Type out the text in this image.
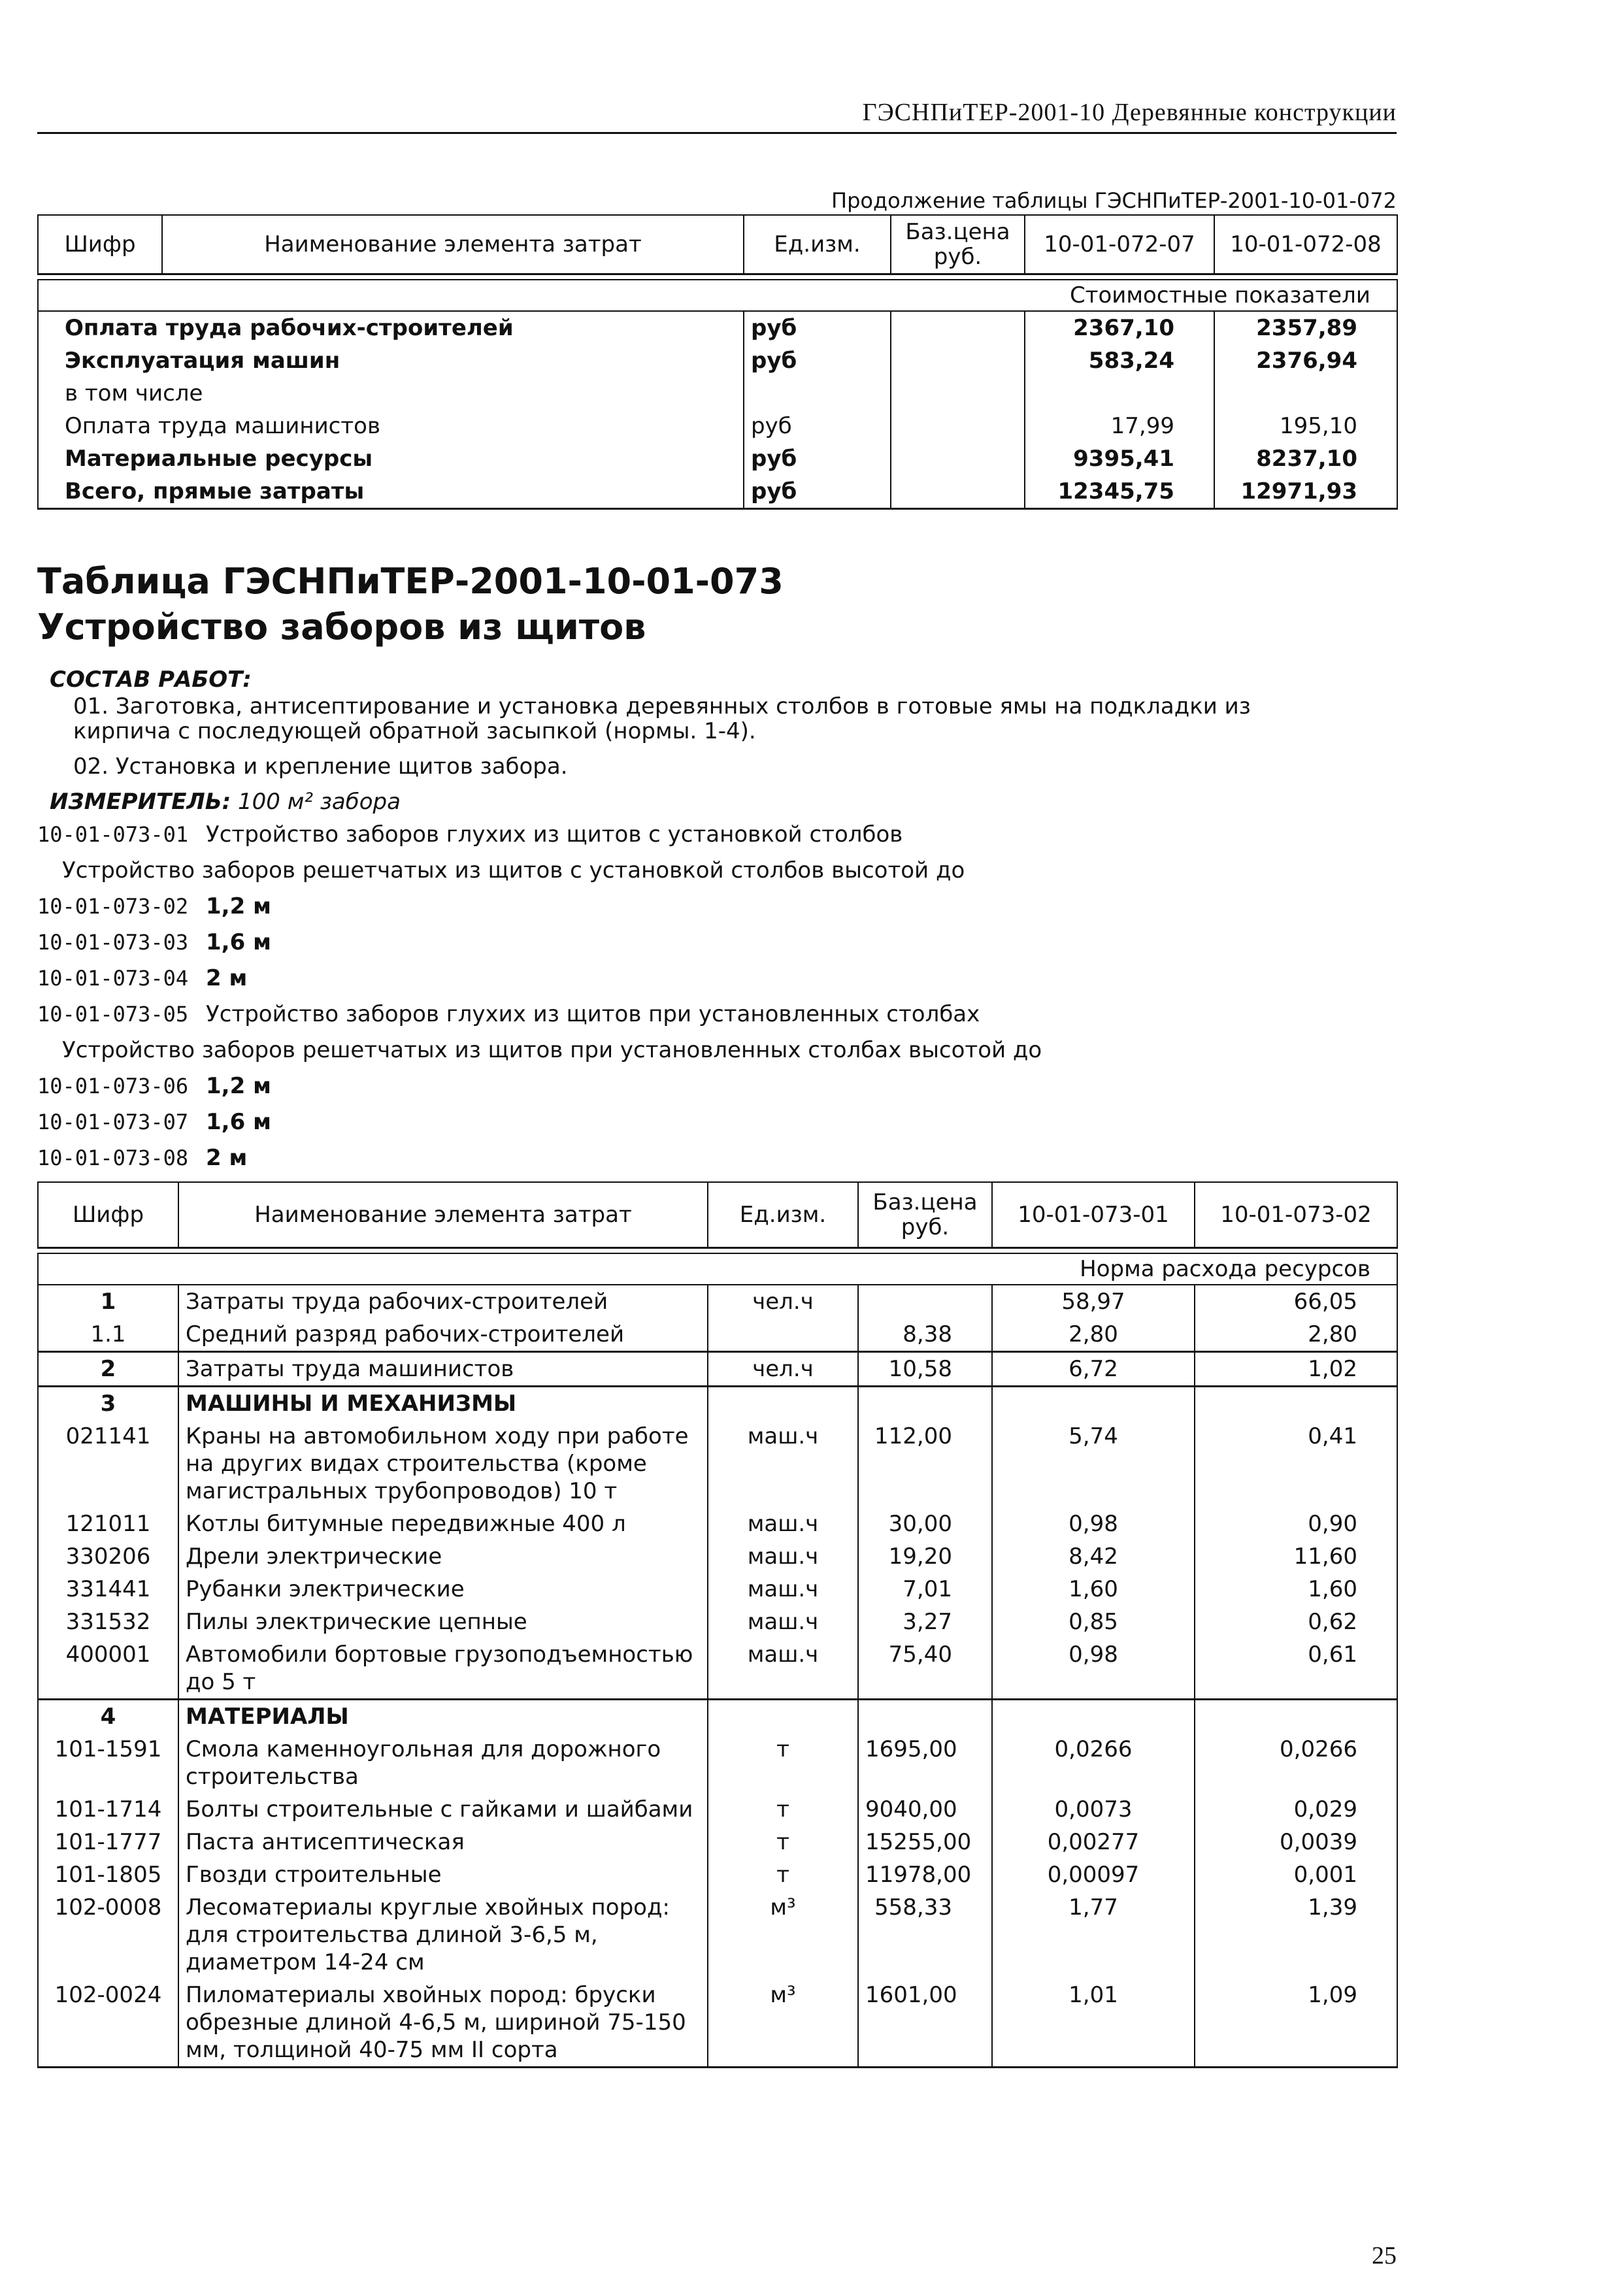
ГЭСНПиТЕР-2001-10 Деревянные конструкции
Продолжение таблицы ГЭСНПиТЕР-2001-10-01-072
Шифр	Наименование элемента затрат	Ед.изм.	Баз.цена руб.	10-01-072-07	10-01-072-08

Стоимостные показатели					
Оплата труда рабочих-строителей		руб		2367,10	2357,89
Эксплуатация машин		руб		583,24	2376,94
в том числе					
Оплата труда машинистов		руб		17,99	195,10
Материальные ресурсы		руб		9395,41	8237,10
Всего, прямые затраты		руб		12345,75	12971,93
Таблица ГЭСНПиТЕР-2001-10-01-073
Устройство заборов из щитов
СОСТАВ РАБОТ:
01. Заготовка, антисептирование и установка деревянных столбов в готовые ямы на подкладки из кирпича с последующей обратной засыпкой (нормы. 1-4).
02. Установка и крепление щитов забора.
ИЗМЕРИТЕЛЬ: 100 м² забора
10-01-073-01 Устройство заборов глухих из щитов с установкой столбов
Устройство заборов решетчатых из щитов с установкой столбов высотой до
10-01-073-02 1,2 м
10-01-073-03 1,6 м
10-01-073-04 2 м
10-01-073-05 Устройство заборов глухих из щитов при установленных столбах
Устройство заборов решетчатых из щитов при установленных столбах высотой до
10-01-073-06 1,2 м
10-01-073-07 1,6 м
10-01-073-08 2 м
Шифр	Наименование элемента затрат	Ед.изм.	Баз.цена руб.	10-01-073-01	10-01-073-02

Норма расхода ресурсов					
1	Затраты труда рабочих-строителей	чел.ч		58,97	66,05
1.1	Средний разряд рабочих-строителей		8,38	2,80	2,80
2	Затраты труда машинистов	чел.ч	10,58	6,72	1,02
3	МАШИНЫ И МЕХАНИЗМЫ				
021141	Краны на автомобильном ходу при работе на других видах строительства (кроме магистральных трубопроводов) 10 т	маш.ч	112,00	5,74	0,41
121011	Котлы битумные передвижные 400 л	маш.ч	30,00	0,98	0,90
330206	Дрели электрические	маш.ч	19,20	8,42	11,60
331441	Рубанки электрические	маш.ч	7,01	1,60	1,60
331532	Пилы электрические цепные	маш.ч	3,27	0,85	0,62
400001	Автомобили бортовые грузоподъемностью до 5 т	маш.ч	75,40	0,98	0,61
4	МАТЕРИАЛЫ				
101-1591	Смола каменноугольная для дорожного строительства	т	1695,00	0,0266	0,0266
101-1714	Болты строительные с гайками и шайбами	т	9040,00	0,0073	0,029
101-1777	Паста антисептическая	т	15255,00	0,00277	0,0039
101-1805	Гвозди строительные	т	11978,00	0,00097	0,001
102-0008	Лесоматериалы круглые хвойных пород: для строительства длиной 3-6,5 м, диаметром 14-24 см	м³	558,33	1,77	1,39
102-0024	Пиломатериалы хвойных пород: бруски обрезные длиной 4-6,5 м, шириной 75-150 мм, толщиной 40-75 мм II сорта	м³	1601,00	1,01	1,09
25
